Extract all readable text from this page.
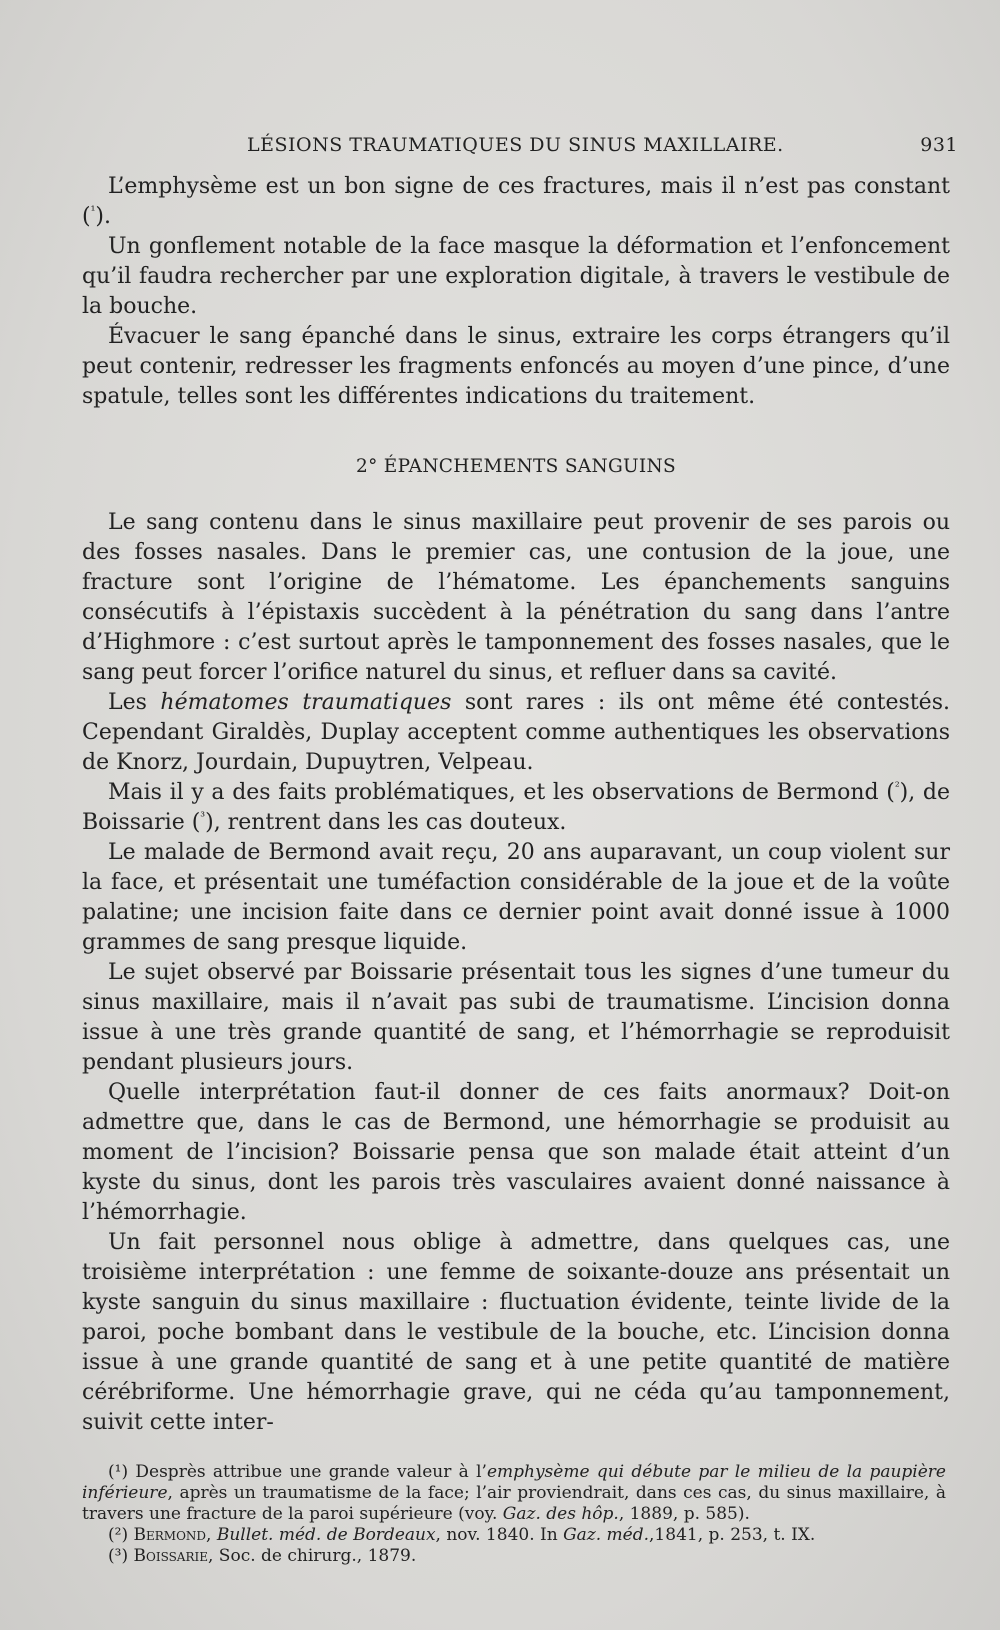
LÉSIONS TRAUMATIQUES DU SINUS MAXILLAIRE.	931

L’emphysème est un bon signe de ces fractures, mais il n’est pas constant ($^{^1}$).

Un gonflement notable de la face masque la déformation et l’enfoncement qu’il faudra rechercher par une exploration digitale, à travers le vestibule de la bouche.

Évacuer le sang épanché dans le sinus, extraire les corps étrangers qu’il peut contenir, redresser les fragments enfoncés au moyen d’une pince, d’une spatule, telles sont les différentes indications du traitement.

2° ÉPANCHEMENTS SANGUINS

Le sang contenu dans le sinus maxillaire peut provenir de ses parois ou des fosses nasales. Dans le premier cas, une contusion de la joue, une fracture sont l’origine de l’hématome. Les épanchements sanguins consécutifs à l’épistaxis succèdent à la pénétration du sang dans l’antre d’Highmore : c’est surtout après le tamponnement des fosses nasales, que le sang peut forcer l’orifice naturel du sinus, et refluer dans sa cavité.

Les hématomes traumatiques sont rares : ils ont même été contestés. Cependant Giraldès, Duplay acceptent comme authentiques les observations de Knorz, Jourdain, Dupuytren, Velpeau.

Mais il y a des faits problématiques, et les observations de Bermond ($^{^2}$), de Boissarie ($^{^3}$), rentrent dans les cas douteux.

Le malade de Bermond avait reçu, 20 ans auparavant, un coup violent sur la face, et présentait une tuméfaction considérable de la joue et de la voûte palatine; une incision faite dans ce dernier point avait donné issue à 1000 grammes de sang presque liquide.

Le sujet observé par Boissarie présentait tous les signes d’une tumeur du sinus maxillaire, mais il n’avait pas subi de traumatisme. L’incision donna issue à une très grande quantité de sang, et l’hémorrhagie se reproduisit pendant plusieurs jours.

Quelle interprétation faut-il donner de ces faits anormaux? Doit-on admettre que, dans le cas de Bermond, une hémorrhagie se produisit au moment de l’incision? Boissarie pensa que son malade était atteint d’un kyste du sinus, dont les parois très vasculaires avaient donné naissance à l’hémorrhagie.

Un fait personnel nous oblige à admettre, dans quelques cas, une troisième interprétation : une femme de soixante-douze ans présentait un kyste sanguin du sinus maxillaire : fluctuation évidente, teinte livide de la paroi, poche bombant dans le vestibule de la bouche, etc. L’incision donna issue à une grande quantité de sang et à une petite quantité de matière cérébriforme. Une hémorrhagie grave, qui ne céda qu’au tamponnement, suivit cette inter-

(¹) Desprès attribue une grande valeur à l’emphysème qui débute par le milieu de la paupière inférieure, après un traumatisme de la face; l’air proviendrait, dans ces cas, du sinus maxillaire, à travers une fracture de la paroi supérieure (voy. Gaz. des hôp., 1889, p. 585).

(²) Bermond, Bullet. méd. de Bordeaux, nov. 1840. In Gaz. méd.,1841, p. 253, t. IX.

(³) Boissarie, Soc. de chirurg., 1879.
